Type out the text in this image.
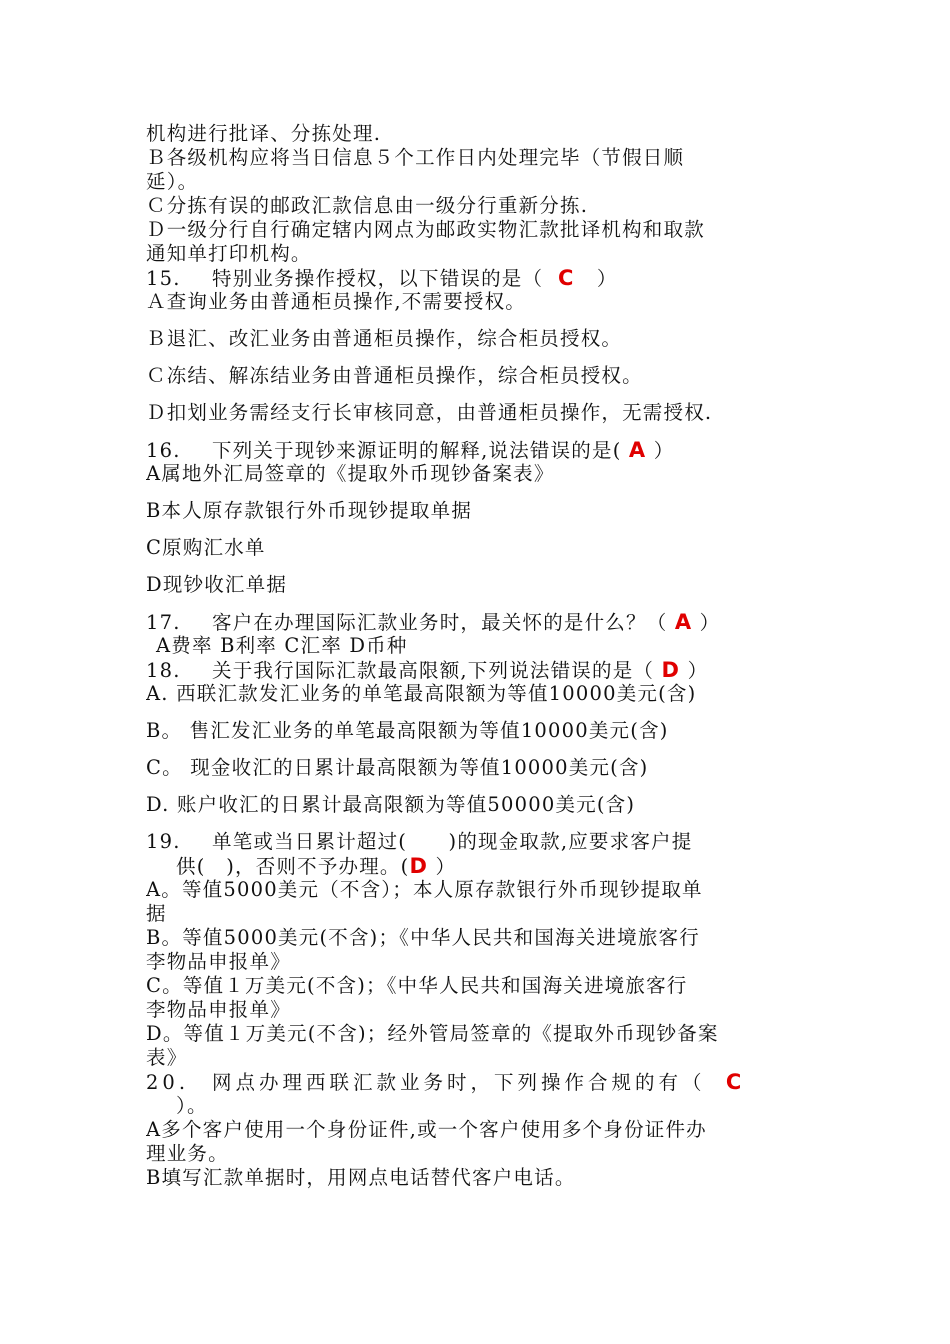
机构进行批译、分拣处理.
Ｂ各级机构应将当日信息５个工作日内处理完毕（节假日顺
延）。
Ｃ分拣有误的邮政汇款信息由一级分行重新分拣.
Ｄ一级分行自行确定辖内网点为邮政实物汇款批译机构和取款
通知单打印机构。
15. 特别业务操作授权，以下错误的是（ C ）
Ａ查询业务由普通柜员操作,不需要授权。
Ｂ退汇、改汇业务由普通柜员操作，综合柜员授权。
Ｃ冻结、解冻结业务由普通柜员操作，综合柜员授权。
Ｄ扣划业务需经支行长审核同意，由普通柜员操作，无需授权.
16. 下列关于现钞来源证明的解释,说法错误的是( A ）
A属地外汇局签章的《提取外币现钞备案表》
B本人原存款银行外币现钞提取单据
C原购汇水单
D现钞收汇单据
17. 客户在办理国际汇款业务时，最关怀的是什么？（ A ）
A费率 B利率 C汇率 D币种
18. 关于我行国际汇款最高限额,下列说法错误的是（ D ）
A. 西联汇款发汇业务的单笔最高限额为等值10000美元(含)
B。 售汇发汇业务的单笔最高限额为等值10000美元(含)
C。 现金收汇的日累计最高限额为等值10000美元(含)
D. 账户收汇的日累计最高限额为等值50000美元(含)
19. 单笔或当日累计超过(　　)的现金取款,应要求客户提
供(　)，否则不予办理。(D ）
A。等值5000美元（不含）；本人原存款银行外币现钞提取单
据
B。等值5000美元(不含)；《中华人民共和国海关进境旅客行
李物品申报单》
C。等值１万美元(不含)；《中华人民共和国海关进境旅客行
李物品申报单》
D。等值１万美元(不含)；经外管局签章的《提取外币现钞备案
表》
20. 网点办理西联汇款业务时，下列操作合规的有（ C
）。
A多个客户使用一个身份证件,或一个客户使用多个身份证件办
理业务。
B填写汇款单据时，用网点电话替代客户电话。
